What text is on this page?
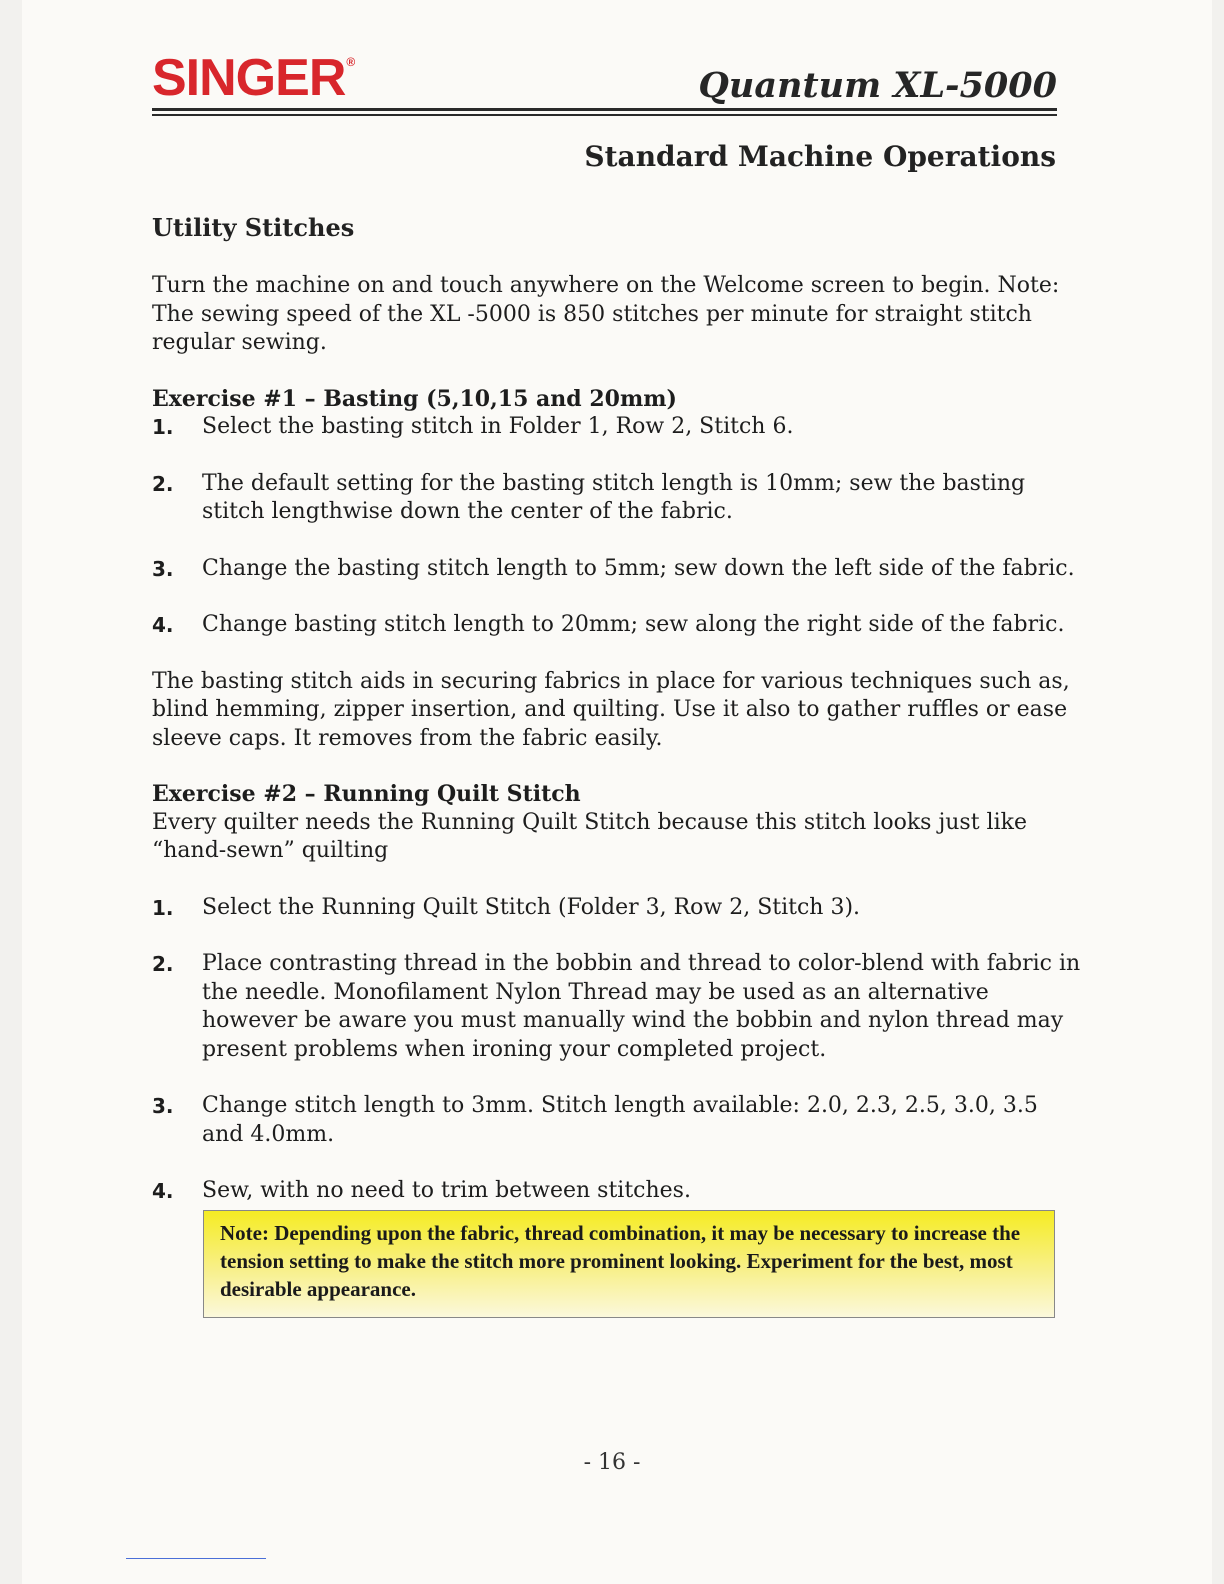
SINGER®
Quantum XL-5000
Standard Machine Operations
Utility Stitches

Turn the machine on and touch anywhere on the Welcome screen to begin. Note: The sewing speed of the XL -5000 is 850 stitches per minute for straight stitch regular sewing.

Exercise #1 – Basting (5,10,15 and 20mm)
1.	Select the basting stitch in Folder 1, Row 2, Stitch 6.
2.	The default setting for the basting stitch length is 10mm; sew the basting stitch lengthwise down the center of the fabric.
3.	Change the basting stitch length to 5mm; sew down the left side of the fabric.
4.	Change basting stitch length to 20mm; sew along the right side of the fabric.

The basting stitch aids in securing fabrics in place for various techniques such as, blind hemming, zipper insertion, and quilting. Use it also to gather ruffles or ease sleeve caps. It removes from the fabric easily.

Exercise #2 – Running Quilt Stitch

Every quilter needs the Running Quilt Stitch because this stitch looks just like “hand-sewn” quilting

1.	Select the Running Quilt Stitch (Folder 3, Row 2, Stitch 3).
2.	Place contrasting thread in the bobbin and thread to color-blend with fabric in the needle. Monofilament Nylon Thread may be used as an alternative however be aware you must manually wind the bobbin and nylon thread may present problems when ironing your completed project.
3.	Change stitch length to 3mm. Stitch length available: 2.0, 2.3, 2.5, 3.0, 3.5 and 4.0mm.
4.	Sew, with no need to trim between stitches.
Note: Depending upon the fabric, thread combination, it may be necessary to increase the tension setting to make the stitch more prominent looking. Experiment for the best, most desirable appearance.
- 16 -
